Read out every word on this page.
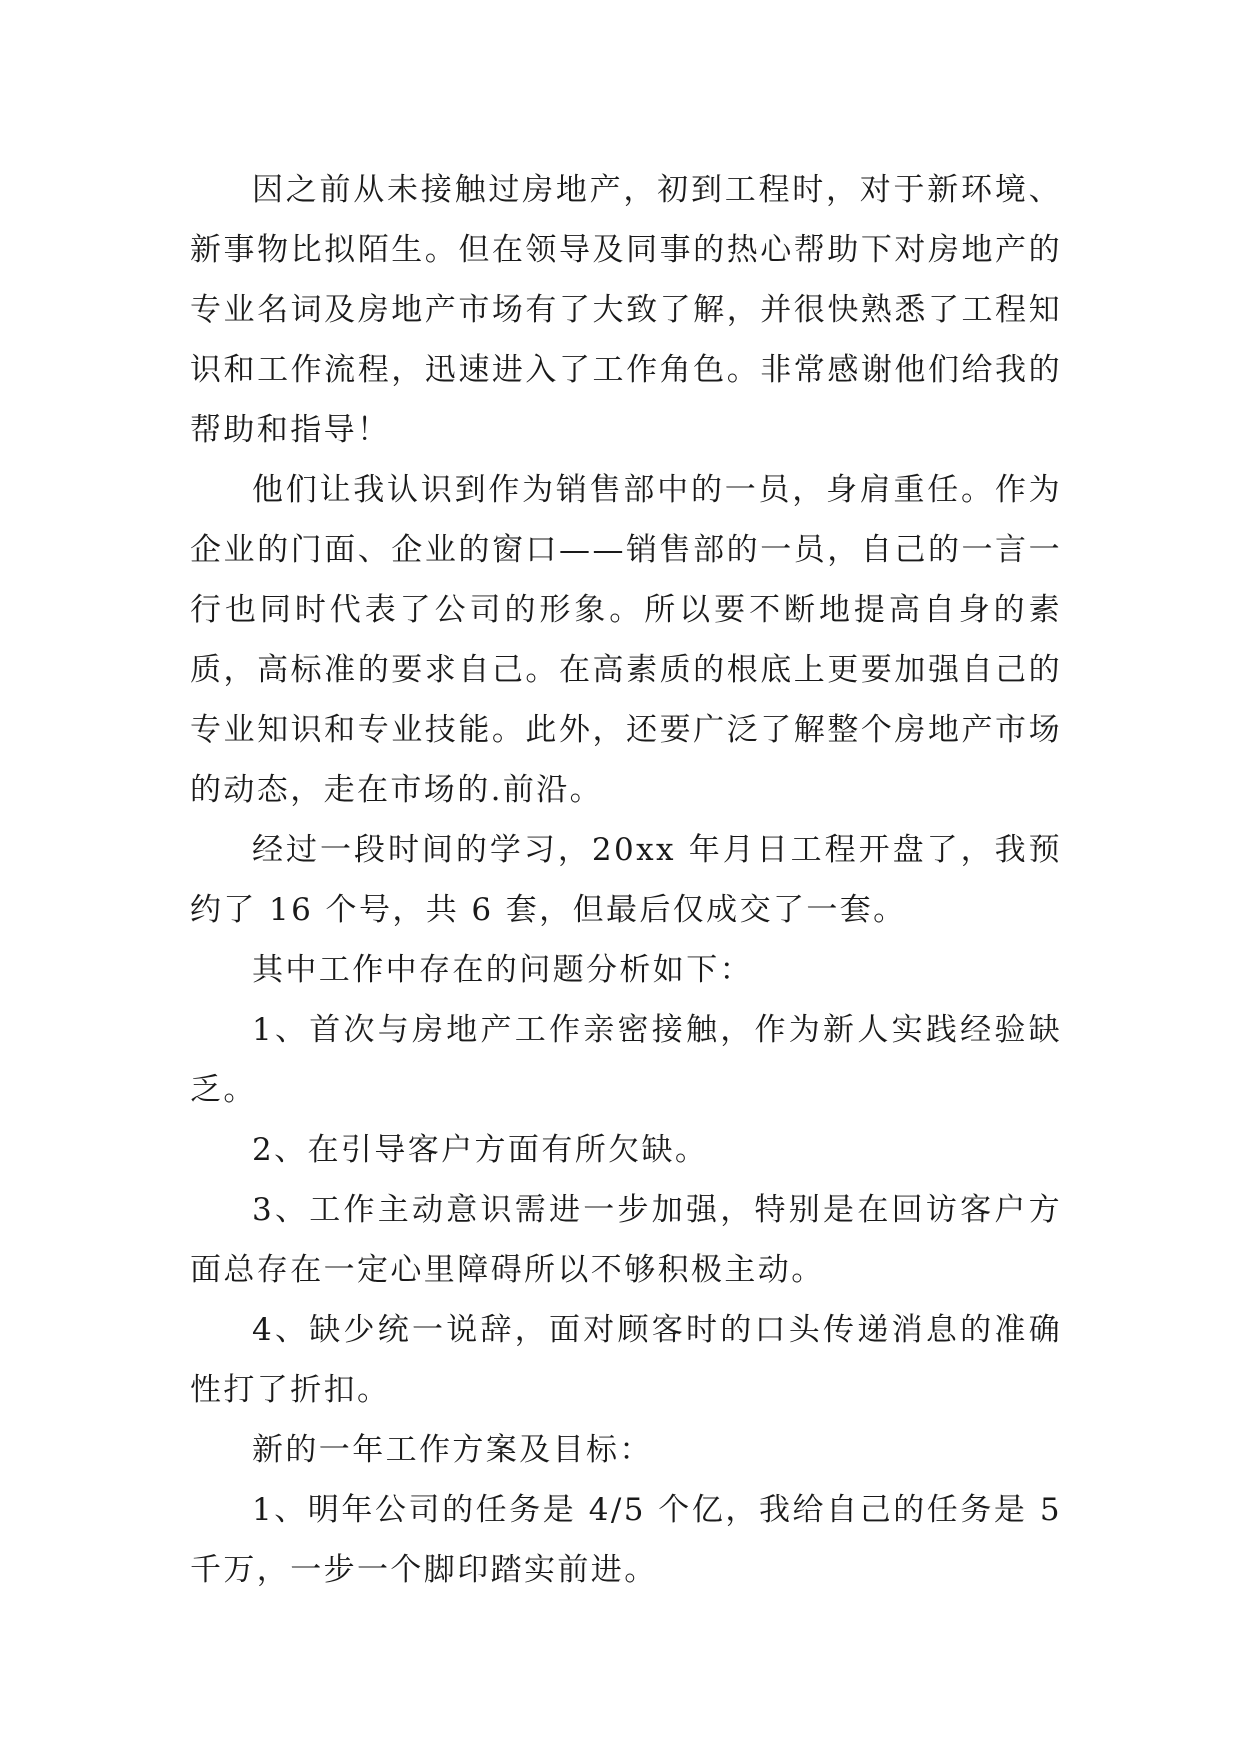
因之前从未接触过房地产，初到工程时，对于新环境、新事物比拟陌生。但在领导及同事的热心帮助下对房地产的专业名词及房地产市场有了大致了解，并很快熟悉了工程知识和工作流程，迅速进入了工作角色。非常感谢他们给我的帮助和指导！

他们让我认识到作为销售部中的一员，身肩重任。作为企业的门面、企业的窗口——销售部的一员，自己的一言一行也同时代表了公司的形象。所以要不断地提高自身的素质，高标准的要求自己。在高素质的根底上更要加强自己的专业知识和专业技能。此外，还要广泛了解整个房地产市场的动态，走在市场的.前沿。

经过一段时间的学习，20xx 年月日工程开盘了，我预约了 16 个号，共 6 套，但最后仅成交了一套。

其中工作中存在的问题分析如下：

1、首次与房地产工作亲密接触，作为新人实践经验缺乏。

2、在引导客户方面有所欠缺。

3、工作主动意识需进一步加强，特别是在回访客户方面总存在一定心里障碍所以不够积极主动。

4、缺少统一说辞，面对顾客时的口头传递消息的准确性打了折扣。

新的一年工作方案及目标：

1、明年公司的任务是 4/5 个亿，我给自己的任务是 5 千万，一步一个脚印踏实前进。
